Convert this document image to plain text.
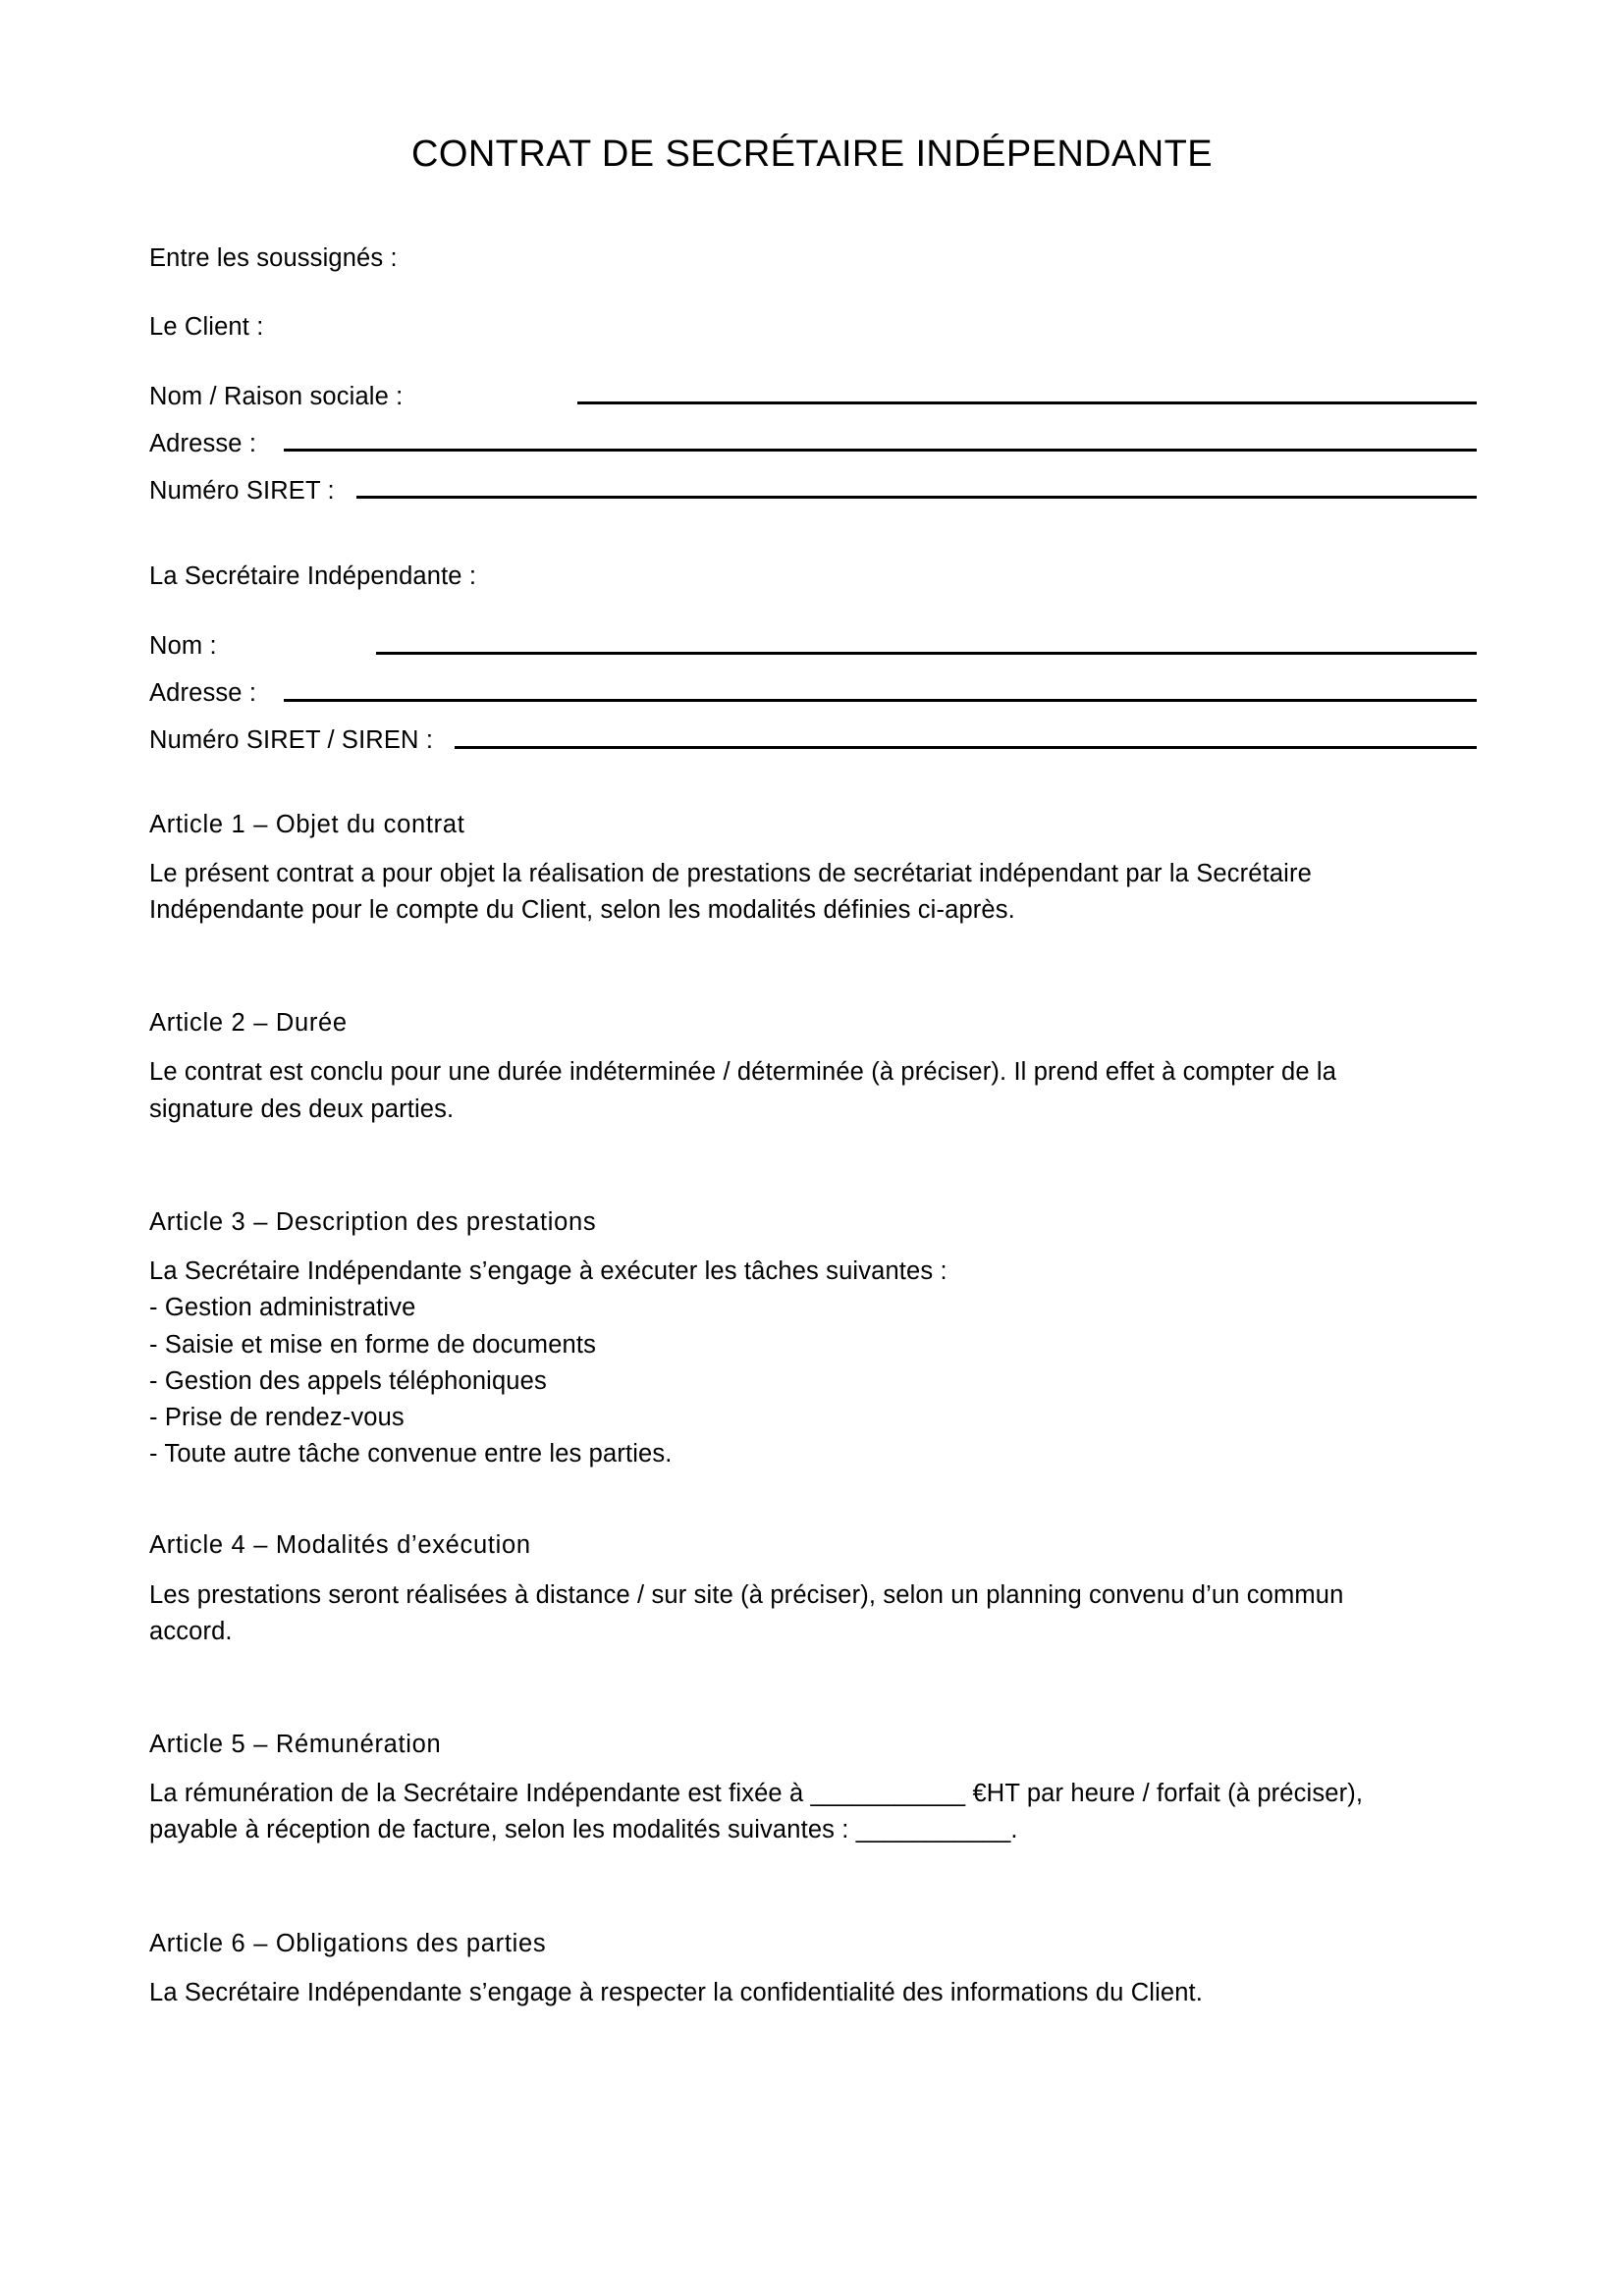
CONTRAT DE SECRÉTAIRE INDÉPENDANTE

Entre les soussignés :

Le Client :
Nom / Raison sociale :
Adresse :
Numéro SIRET :
La Secrétaire Indépendante :
Nom :
Adresse :
Numéro SIRET / SIREN :
Article 1 – Objet du contrat

Le présent contrat a pour objet la réalisation de prestations de secrétariat indépendant par la Secrétaire Indépendante pour le compte du Client, selon les modalités définies ci-après.

Article 2 – Durée

Le contrat est conclu pour une durée indéterminée / déterminée (à préciser). Il prend effet à compter de la signature des deux parties.

Article 3 – Description des prestations

La Secrétaire Indépendante s’engage à exécuter les tâches suivantes :

- Gestion administrative
- Saisie et mise en forme de documents
- Gestion des appels téléphoniques
- Prise de rendez-vous
- Toute autre tâche convenue entre les parties.
Article 4 – Modalités d’exécution

Les prestations seront réalisées à distance / sur site (à préciser), selon un planning convenu d’un commun accord.

Article 5 – Rémunération

La rémunération de la Secrétaire Indépendante est fixée à ___________ €HT par heure / forfait (à préciser), payable à réception de facture, selon les modalités suivantes : ___________.

Article 6 – Obligations des parties

La Secrétaire Indépendante s’engage à respecter la confidentialité des informations du Client.
